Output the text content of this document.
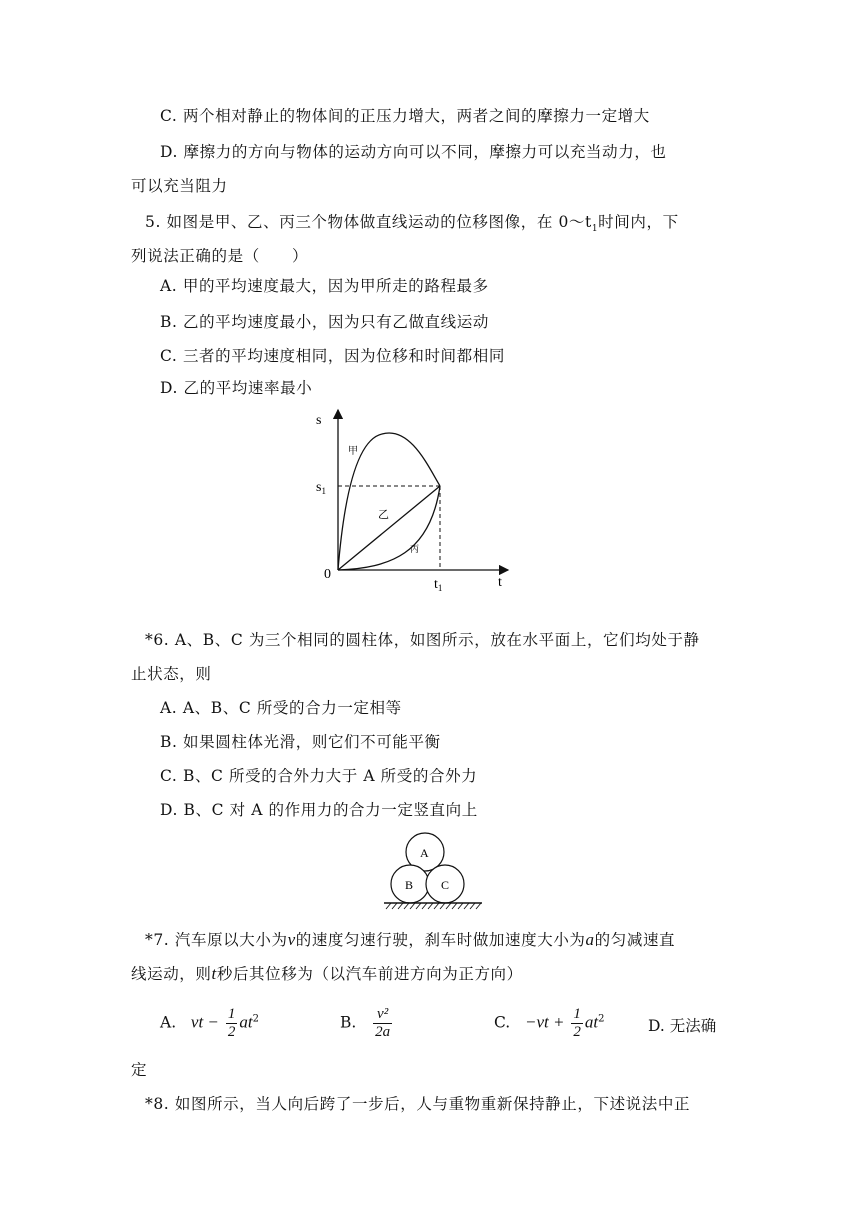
C. 两个相对静止的物体间的正压力增大，两者之间的摩擦力一定增大
D. 摩擦力的方向与物体的运动方向可以不同，摩擦力可以充当动力，也
可以充当阻力
5. 如图是甲、乙、丙三个物体做直线运动的位移图像，在 $0\sim t_1$时间内，下
列说法正确的是（　　）
A. 甲的平均速度最大，因为甲所走的路程最多
B. 乙的平均速度最小，因为只有乙做直线运动
C. 三者的平均速度相同，因为位移和时间都相同
D. 乙的平均速率最小
s
t
0
$s_1$
$t_1$
甲
乙
丙
*6. A、B、C 为三个相同的圆柱体，如图所示，放在水平面上，它们均处于静
止状态，则
A. A、B、C 所受的合力一定相等
B. 如果圆柱体光滑，则它们不可能平衡
C. B、C 所受的合外力大于 A 所受的合外力
D. B、C 对 A 的作用力的合力一定竖直向上
A
B C
*7. 汽车原以大小为v的速度匀速行驶，刹车时做加速度大小为a的匀减速直
线运动，则t秒后其位移为（以汽车前进方向为正方向）
A. vt − $\frac{1}{2} at^2$	B. $\frac{\text{v²}}{2a}$	C. $-vt + \frac{1}{2} at^2$	D. 无法确
定
*8. 如图所示，当人向后跨了一步后，人与重物重新保持静止，下述说法中正
